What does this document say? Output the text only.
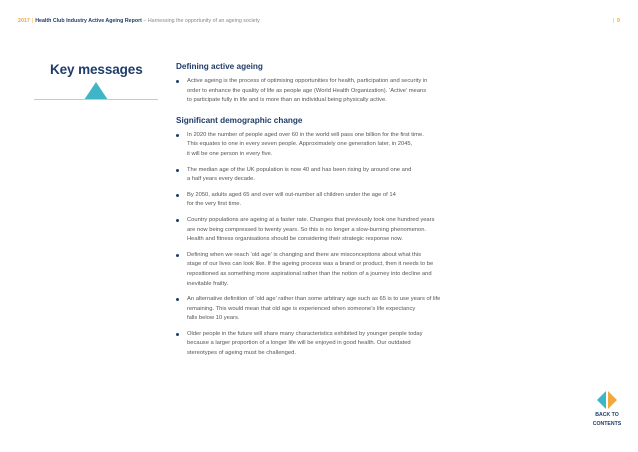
2017 | Health Club Industry Active Ageing Report – Harnessing the opportunity of an ageing society	| 9
Key messages	Defining active ageing
Active ageing is the process of optimising opportunities for health, participation and security in
order to enhance the quality of life as people age (World Health Organization). ‘Active’ means
to participate fully in life and is more than an individual being physically active.
Significant demographic change
In 2020 the number of people aged over 60 in the world will pass one billion for the first time.
This equates to one in every seven people. Approximately one generation later, in 2045,
it will be one person in every five.
The median age of the UK population is now 40 and has been rising by around one and
a half years every decade.
By 2050, adults aged 65 and over will out-number all children under the age of 14
for the very first time.
Country populations are ageing at a faster rate. Changes that previously took one hundred years
are now being compressed to twenty years. So this is no longer a slow-burning phenomenon.
Health and fitness organisations should be considering their strategic response now.
Defining when we reach ‘old age’ is changing and there are misconceptions about what this
stage of our lives can look like. If the ageing process was a brand or product, then it needs to be
repositioned as something more aspirational rather than the notion of a journey into decline and
inevitable frailty.
An alternative definition of ‘old age’ rather than some arbitrary age such as 65 is to use years of life
remaining. This would mean that old age is experienced when someone’s life expectancy
falls below 10 years.
Older people in the future will share many characteristics exhibited by younger people today
because a larger proportion of a longer life will be enjoyed in good health. Our outdated
stereotypes of ageing must be challenged.
BACK TO
CONTENTS
